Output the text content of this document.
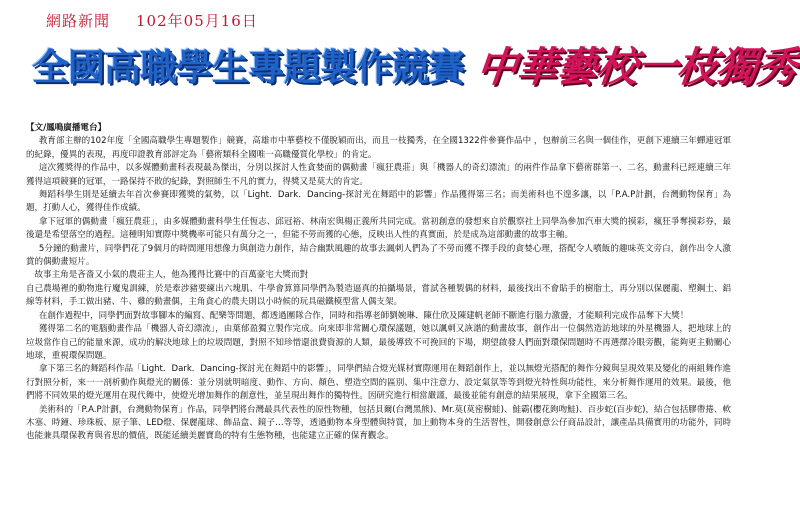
網路新聞 102年05月16日
全國高職學生專題製作競賽 中華藝校一枝獨秀

【文/鳳鳴廣播電台】

教育部主辦的102年度「全國高職學生專題製作」競賽，高雄市中華藝校不僅脫穎而出，而且一枝獨秀，在全國1322件參賽作品中 ，包辦前三名與一個佳作，更創下連續三年蟬連冠軍的紀錄，優異的表現，再度印證教育部評定為「藝術類科全國唯一高職優質化學校」的肯定。

這次獲獎得的作品中，以多媒體動畫科表現最為傑出，分別以探討人性貪婪面的偶動畫「瘋狂農莊」與「機器人的奇幻漂流」的兩件作品拿下藝術群第一、二名，動畫科已經連續三年獲得這項競賽的冠軍，一路保持不敗的紀錄，對照師生不凡的實力，得獎又是莫大的肯定。

舞蹈科學生則是延續去年首次參賽即獲獎的氣勢，以「Light．Dark．Dancing-探討光在舞蹈中的影響」作品獲得第三名；而美術科也不遑多讓，以「P.A.P計劃，台灣動物保育」為題，打動人心，獲得佳作成績。

拿下冠軍的偶動畫「瘋狂農莊」，由多媒體動畫科學生任恆志、邱冠裕、林南宏與楊正義所共同完成。當初創意的發想來自於觀察社上同學為參加汽車大獎的摸彩，瘋狂爭奪摸彩券，最後還是希望落空的過程。這種明知實際中獎機率可能只有萬分之一，但能不勞而獲的心態，反映出人性的真實面，於是成為這部動畫的故事主軸。

5分鐘的動畫片，同學們花了9個月的時間運用想像力與創造力創作，結合幽默風趣的故事去諷刺人們為了不勞而獲不擇手段的貪婪心理，搭配令人噴飯的趣味英文旁白，創作出令人激賞的偶動畫短片。

故事主角是吝嗇又小氣的農莊主人，他為獲得比賽中的百萬豪宅大獎而對

自己農場裡的動物進行魔鬼訓練，於是牽涉豬要練出六塊肌、牛學會算算同學們為製造逼真的拍攝場景，嘗試各種製偶的材料，最後找出不會貼手的樹脂土，再分別以保麗龍、塑鋼土、鋁線等材料，手工做出豬、牛、雞的動畫偶，主角貪心的農夫則以小時候的玩具磁鐵模型當人偶支架。

在創作過程中，同學們面對故事腳本的編寫、配樂等問題，都透過團隊合作，同時和指導老師劉婉琳、陳仕欣及陳建帆老師不斷進行腦力激盪，才能順利完成作品奪下大獎！

獲得第二名的電腦動畫作品「機器人奇幻漂流」，由葉郁盈獨立製作完成。向來即非常關心環保議題，她以諷刺又詼諧的動畫故事，創作出一位偶然造訪地球的外星機器人，把地球上的垃圾當作自己的能量來源，成功的解決地球上的垃圾問題，對照不知珍惜還浪費資源的人類，最後導致不可挽回的下場，期望啟發人們面對環保問題時不再選擇冷眼旁觀，能夠更主動關心地球，重視環保問題。

拿下第三名的舞蹈科作品「Light．Dark．Dancing-探討光在舞蹈中的影響」，同學們結合燈光媒材實際運用在舞蹈創作上，並以無燈光搭配的舞作分鏡與呈現效果及變化的兩組舞作進行對照分析，來一一剖析動作與燈光的關係：並分別就明暗度、動作、方向、顏色、塑造空間的區別、集中注意力、設定氣氛等等到燈光特性與功能性，來分析舞作運用的效果。最後，他們將不同效果的燈光運用在現代舞中，使燈光增加舞作的創意性，並呈現出舞作的獨特性。因研究進行相當嚴謹，最後並能有創意的結果展現，拿下全國第三名。

美術科的「P.A.P計劃，台灣動物保育」作品，同學們將台灣最具代表性的原性物種，包括貝爾(台灣黑熊)、Mr.莫(莫密樹蛙)、鮭霸(櫻花鉤吻鮭)、百步蛇(百步蛇)，結合包括膠帶捲、軟木塞、時鐘、珍珠板、原子筆、LED燈、保麗龍球、飾品盒、鏡子…等等，透過動物本身型體與特質，加上動物本身的生活習性，開發創意公仔商品設計，讓產品具備實用的功能外，同時也能兼具環保教育與省思的價值，既能延續美麗寶島的特有生態物種，也能建立正確的保育觀念。
